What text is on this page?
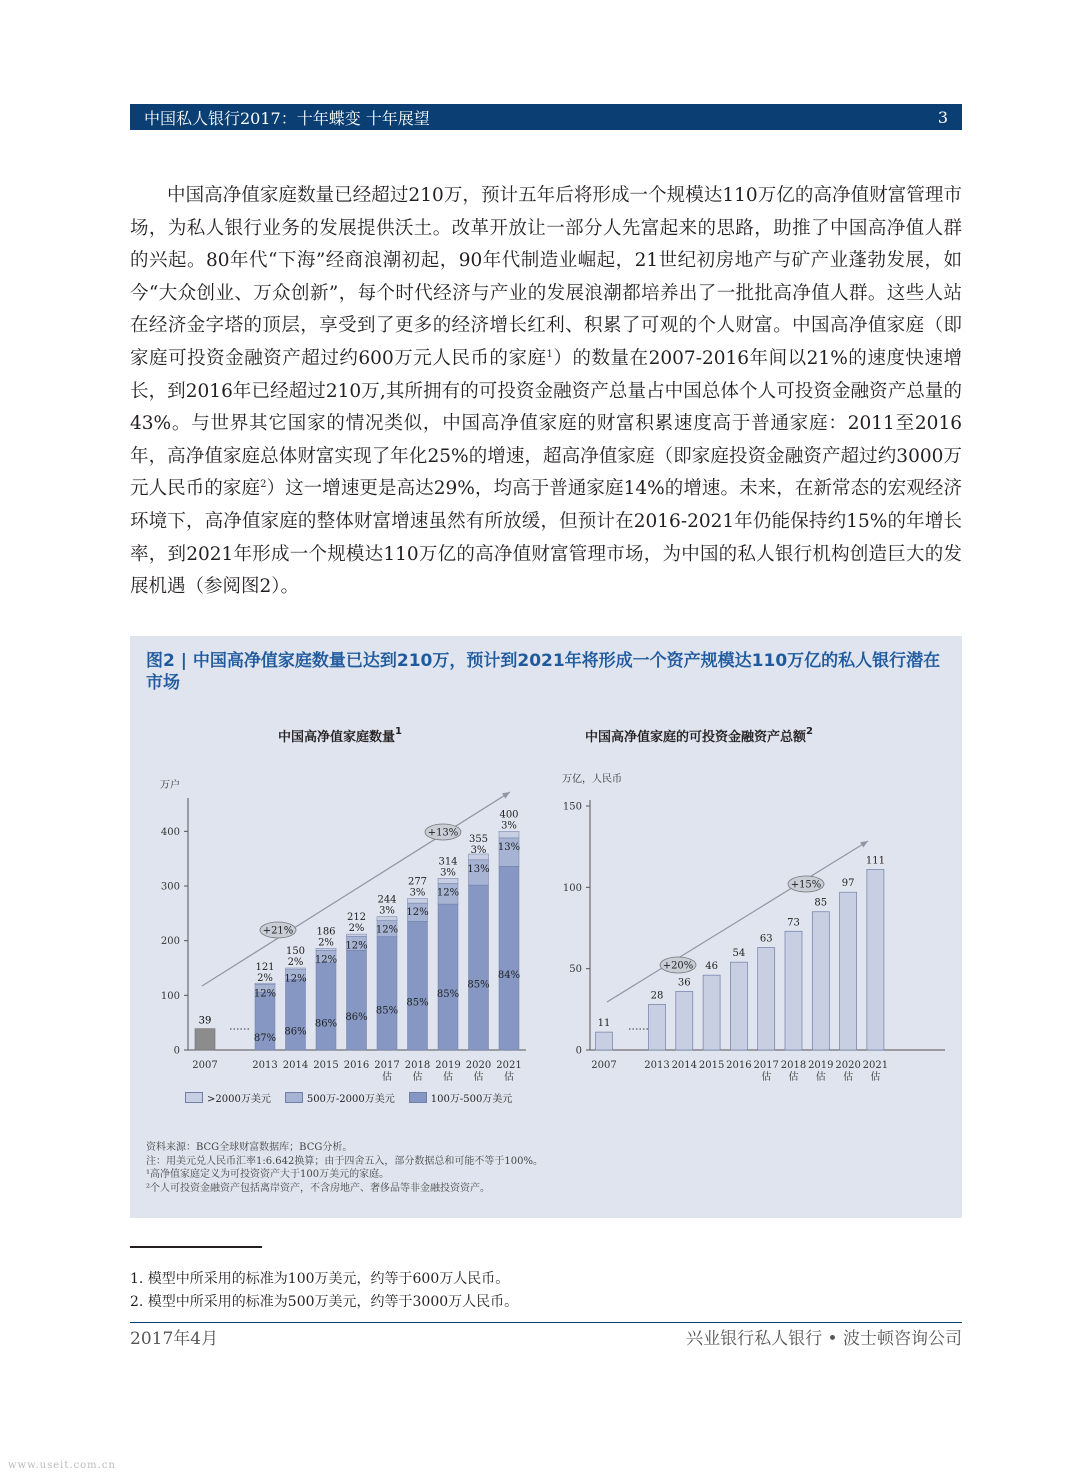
中国私人银行2017：十年蝶变 十年展望	3

中国高净值家庭数量已经超过210万，预计五年后将形成一个规模达110万亿的高净值财富管理市场，为私人银行业务的发展提供沃土。改革开放让一部分人先富起来的思路，助推了中国高净值人群的兴起。80年代“下海”经商浪潮初起，90年代制造业崛起，21世纪初房地产与矿产业蓬勃发展，如今“大众创业、万众创新”，每个时代经济与产业的发展浪潮都培养出了一批批高净值人群。这些人站在经济金字塔的顶层，享受到了更多的经济增长红利、积累了可观的个人财富。中国高净值家庭（即家庭可投资金融资产超过约600万元人民币的家庭$^1$）的数量在2007-2016年间以21%的速度快速增长，到2016年已经超过210万,其所拥有的可投资金融资产总量占中国总体个人可投资金融资产总量的43%。与世界其它国家的情况类似，中国高净值家庭的财富积累速度高于普通家庭：2011至2016年，高净值家庭总体财富实现了年化25%的增速，超高净值家庭（即家庭投资金融资产超过约3000万元人民币的家庭$^2$）这一增速更是高达29%，均高于普通家庭14%的增速。未来，在新常态的宏观经济环境下，高净值家庭的整体财富增速虽然有所放缓，但预计在2016-2021年仍能保持约15%的年增长率，到2021年形成一个规模达110万亿的高净值财富管理市场，为中国的私人银行机构创造巨大的发展机遇（参阅图2）。

图2 | 中国高净值家庭数量已达到210万，预计到2021年将形成一个资产规模达110万亿的私人银行潜在市场
中国高净值家庭数量$^1$	中国高净值家庭的可投资金融资产总额$^2$
万户
0
100
200
300
400
2007	2013 2014 2015 2016 2017
估
2018
估
2019
估
2020
估
2021
估
39
87%
12%
2%
121
86%
12%
2%
150
86%
12%
2%
186
86%
12%
2%
212
85%
12%
3%
244
85%
12%
3%
277
85%
12%
3%
314
85%
13%
3%
355
84%
13%
3%
400
+21%
+13%
万亿，人民币
0
50
100
150
2007	2013 2014 2015 2016 2017
估
2018
估
2019
估
2020
估
2021
估
11
28
36
46
54
63
73
85
97
111
+20%
+15%
>2000万美元	500万-2000万美元	100万-500万美元
资料来源：BCG全球财富数据库；BCG分析。
注：用美元兑人民币汇率1:6.642换算；由于四舍五入，部分数据总和可能不等于100%。
¹高净值家庭定义为可投资资产大于100万美元的家庭。
²个人可投资金融资产包括离岸资产，不含房地产、奢侈品等非金融投资资产。
1. 模型中所采用的标准为100万美元，约等于600万人民币。
2. 模型中所采用的标准为500万美元，约等于3000万人民币。
2017年4月	兴业银行私人银行 • 波士顿咨询公司
www.useit.com.cn
